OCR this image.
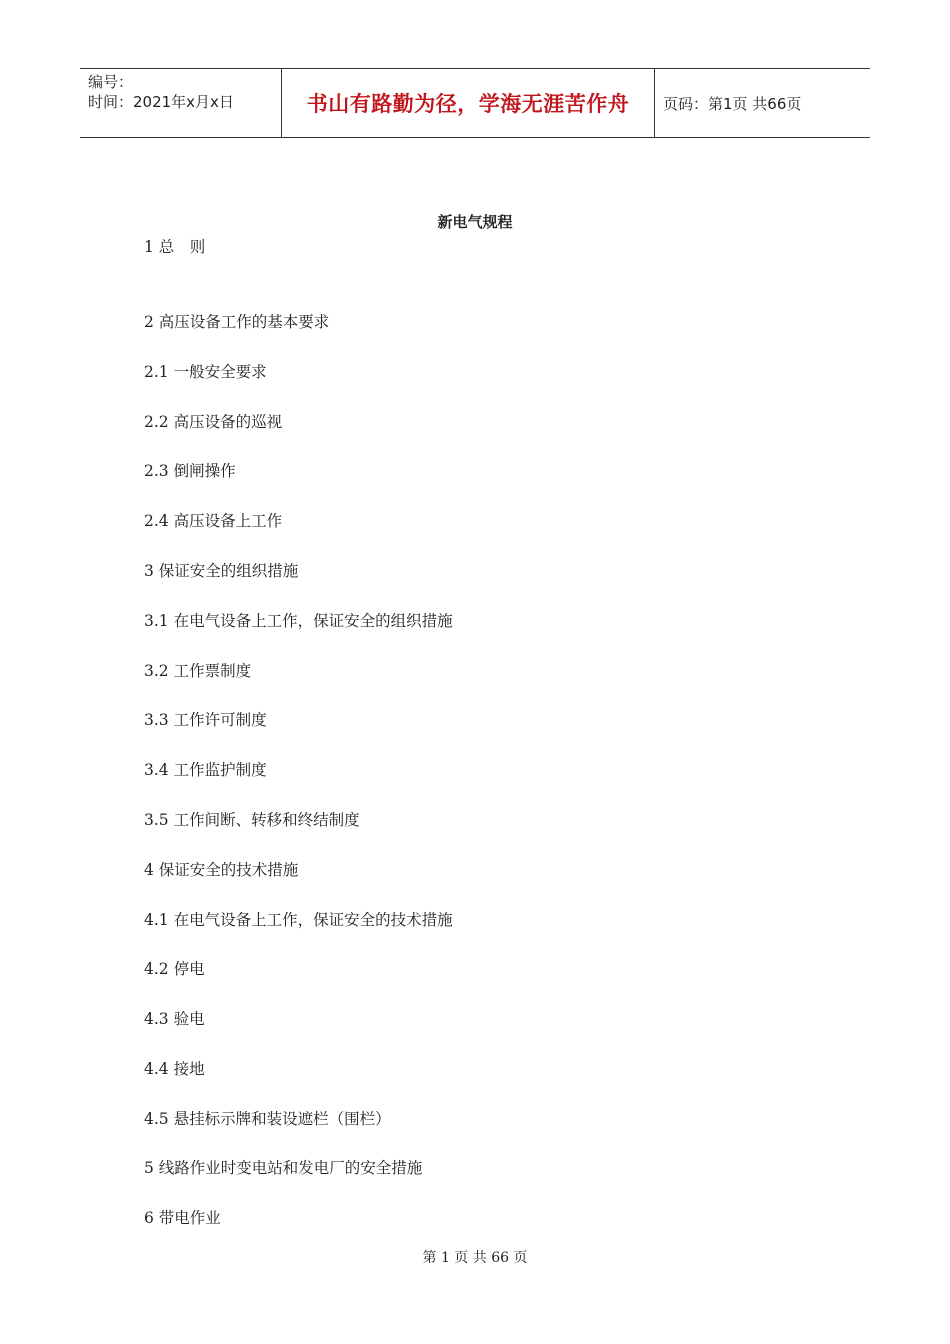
编号：
时间：2021年x月x日	书山有路勤为径，学海无涯苦作舟	页码：第1页 共66页
新电气规程
1 总　则
2 高压设备工作的基本要求
2.1 一般安全要求
2.2 高压设备的巡视
2.3 倒闸操作
2.4 高压设备上工作
3 保证安全的组织措施
3.1 在电气设备上工作，保证安全的组织措施
3.2 工作票制度
3.3 工作许可制度
3.4 工作监护制度
3.5 工作间断、转移和终结制度
4 保证安全的技术措施
4.1 在电气设备上工作，保证安全的技术措施
4.2 停电
4.3 验电
4.4 接地
4.5 悬挂标示牌和装设遮栏（围栏）
5 线路作业时变电站和发电厂的安全措施
6 带电作业
第 1 页 共 66 页
